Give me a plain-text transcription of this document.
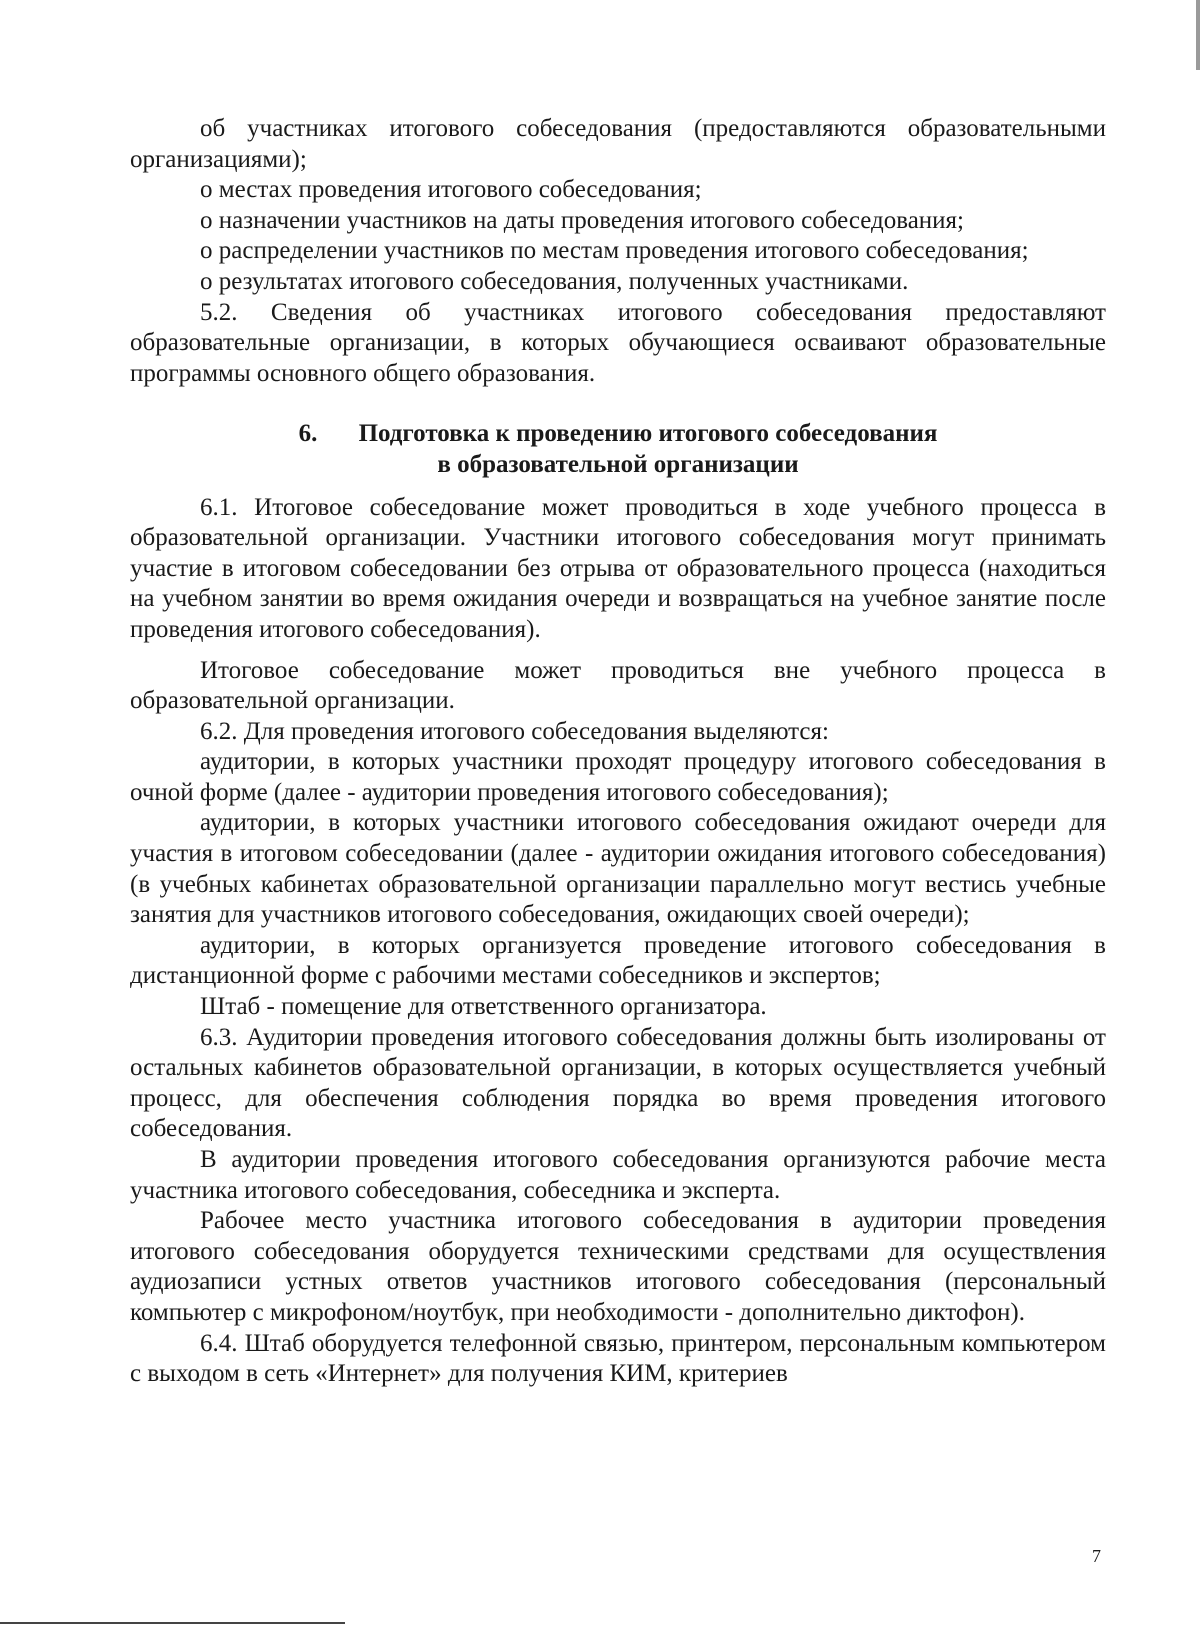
об участниках итогового собеседования (предоставляются образовательными организациями);

о местах проведения итогового собеседования;

о назначении участников на даты проведения итогового собеседования;

о распределении участников по местам проведения итогового собеседования;

о результатах итогового собеседования, полученных участниками.

5.2. Сведения об участниках итогового собеседования предоставляют образовательные организации, в которых обучающиеся осваивают образовательные программы основного общего образования.

6. Подготовка к проведению итогового собеседования
в образовательной организации

6.1. Итоговое собеседование может проводиться в ходе учебного процесса в образовательной организации. Участники итогового собеседования могут принимать участие в итоговом собеседовании без отрыва от образовательного процесса (находиться на учебном занятии во время ожидания очереди и возвращаться на учебное занятие после проведения итогового собеседования).

Итоговое собеседование может проводиться вне учебного процесса в образовательной организации.

6.2. Для проведения итогового собеседования выделяются:

аудитории, в которых участники проходят процедуру итогового собеседования в очной форме (далее - аудитории проведения итогового собеседования);

аудитории, в которых участники итогового собеседования ожидают очереди для участия в итоговом собеседовании (далее - аудитории ожидания итогового собеседования) (в учебных кабинетах образовательной организации параллельно могут вестись учебные занятия для участников итогового собеседования, ожидающих своей очереди);

аудитории, в которых организуется проведение итогового собеседования в дистанционной форме с рабочими местами собеседников и экспертов;

Штаб - помещение для ответственного организатора.

6.3. Аудитории проведения итогового собеседования должны быть изолированы от остальных кабинетов образовательной организации, в которых осуществляется учебный процесс, для обеспечения соблюдения порядка во время проведения итогового собеседования.

В аудитории проведения итогового собеседования организуются рабочие места участника итогового собеседования, собеседника и эксперта.

Рабочее место участника итогового собеседования в аудитории проведения итогового собеседования оборудуется техническими средствами для осуществления аудиозаписи устных ответов участников итогового собеседования (персональный компьютер с микрофоном/ноутбук, при необходимости - дополнительно диктофон).

6.4. Штаб оборудуется телефонной связью, принтером, персональным компьютером с выходом в сеть «Интернет» для получения КИМ, критериев

7
